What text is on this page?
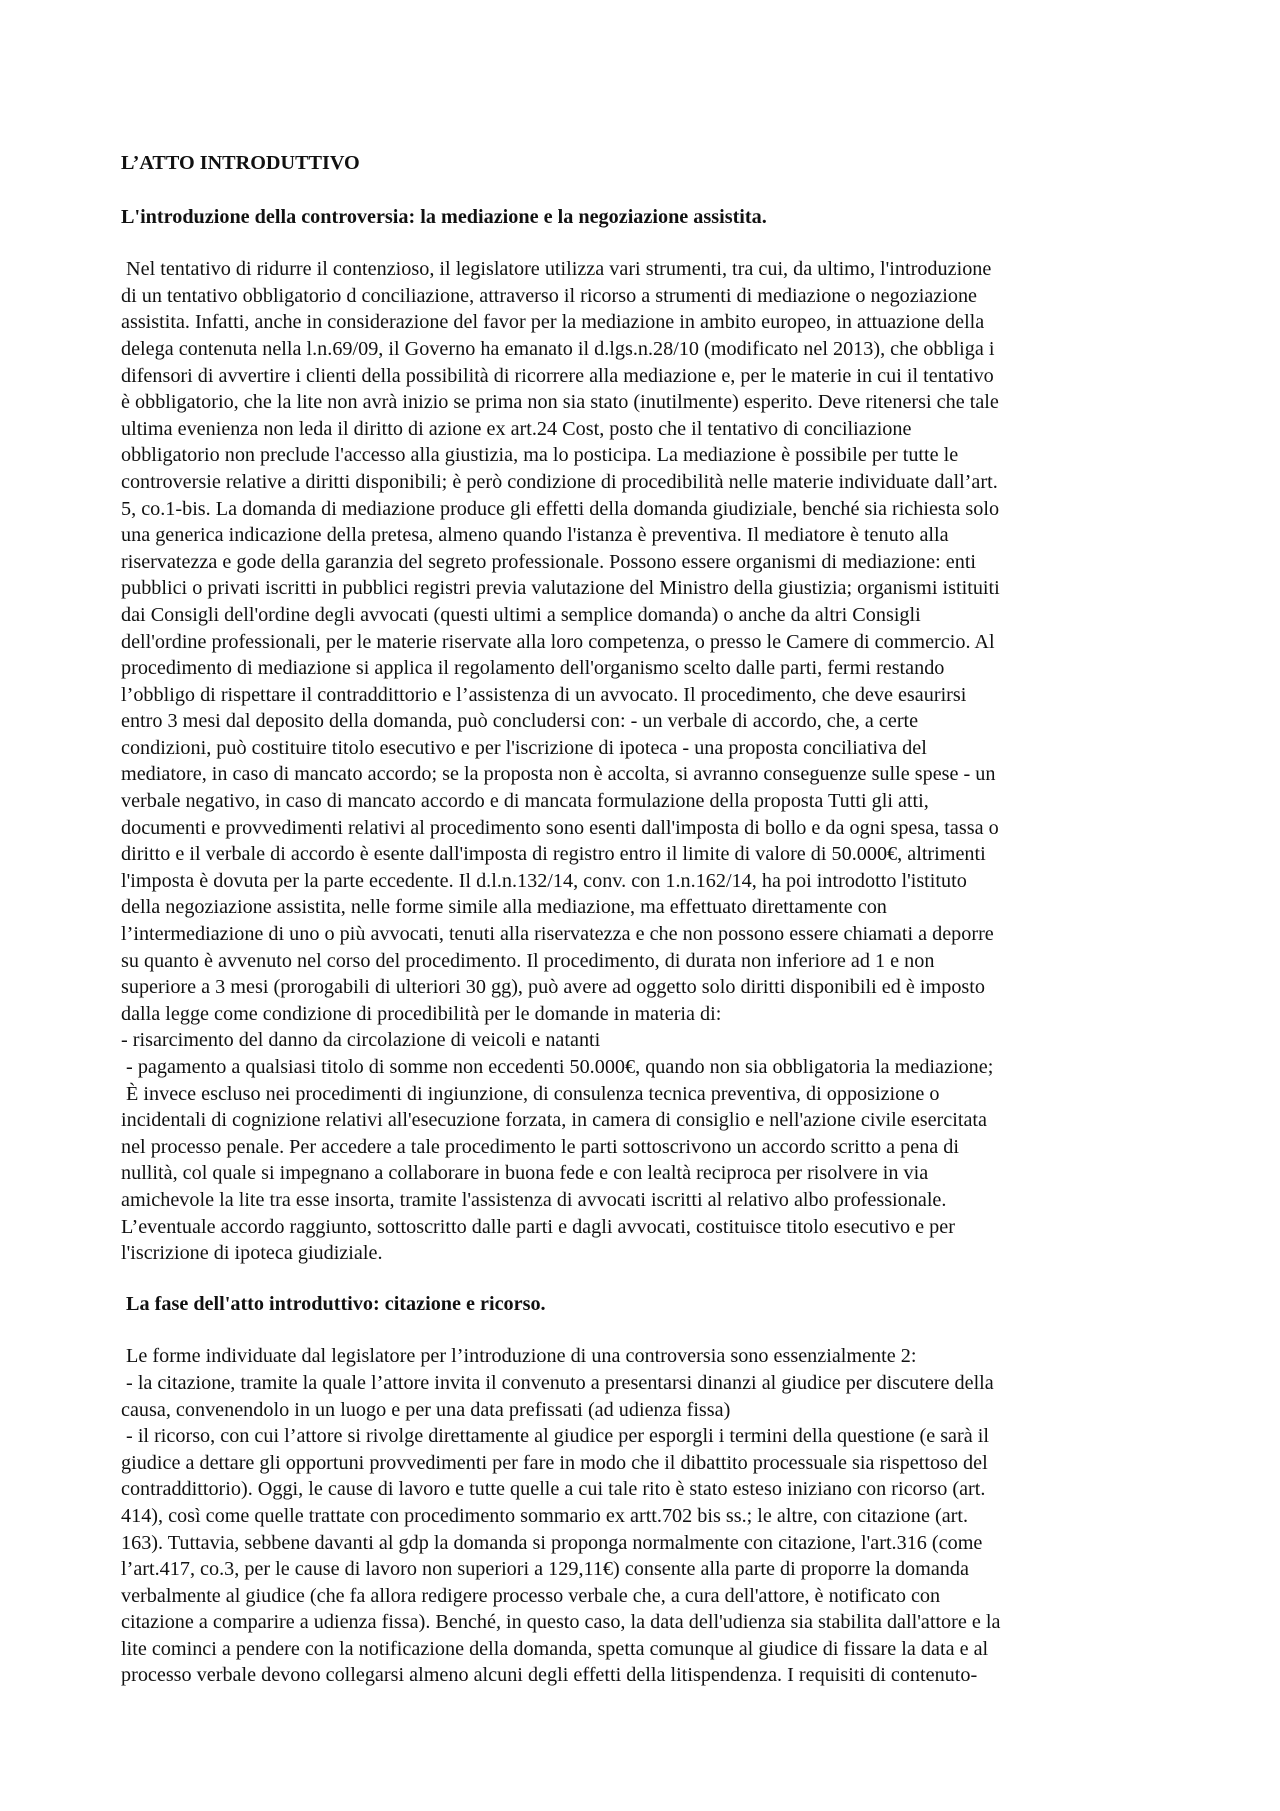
L’ATTO INTRODUTTIVO
L'introduzione della controversia: la mediazione e la negoziazione assistita.
Nel tentativo di ridurre il contenzioso, il legislatore utilizza vari strumenti, tra cui, da ultimo, l'introduzione
di un tentativo obbligatorio d conciliazione, attraverso il ricorso a strumenti di mediazione o negoziazione
assistita. Infatti, anche in considerazione del favor per la mediazione in ambito europeo, in attuazione della
delega contenuta nella l.n.69/09, il Governo ha emanato il d.lgs.n.28/10 (modificato nel 2013), che obbliga i
difensori di avvertire i clienti della possibilità di ricorrere alla mediazione e, per le materie in cui il tentativo
è obbligatorio, che la lite non avrà inizio se prima non sia stato (inutilmente) esperito. Deve ritenersi che tale
ultima evenienza non leda il diritto di azione ex art.24 Cost, posto che il tentativo di conciliazione
obbligatorio non preclude l'accesso alla giustizia, ma lo posticipa. La mediazione è possibile per tutte le
controversie relative a diritti disponibili; è però condizione di procedibilità nelle materie individuate dall’art.
5, co.1-bis. La domanda di mediazione produce gli effetti della domanda giudiziale, benché sia richiesta solo
una generica indicazione della pretesa, almeno quando l'istanza è preventiva. Il mediatore è tenuto alla
riservatezza e gode della garanzia del segreto professionale. Possono essere organismi di mediazione: enti
pubblici o privati iscritti in pubblici registri previa valutazione del Ministro della giustizia; organismi istituiti
dai Consigli dell'ordine degli avvocati (questi ultimi a semplice domanda) o anche da altri Consigli
dell'ordine professionali, per le materie riservate alla loro competenza, o presso le Camere di commercio. Al
procedimento di mediazione si applica il regolamento dell'organismo scelto dalle parti, fermi restando
l’obbligo di rispettare il contraddittorio e l’assistenza di un avvocato. Il procedimento, che deve esaurirsi
entro 3 mesi dal deposito della domanda, può concludersi con: - un verbale di accordo, che, a certe
condizioni, può costituire titolo esecutivo e per l'iscrizione di ipoteca - una proposta conciliativa del
mediatore, in caso di mancato accordo; se la proposta non è accolta, si avranno conseguenze sulle spese - un
verbale negativo, in caso di mancato accordo e di mancata formulazione della proposta Tutti gli atti,
documenti e provvedimenti relativi al procedimento sono esenti dall'imposta di bollo e da ogni spesa, tassa o
diritto e il verbale di accordo è esente dall'imposta di registro entro il limite di valore di 50.000€, altrimenti
l'imposta è dovuta per la parte eccedente. Il d.l.n.132/14, conv. con 1.n.162/14, ha poi introdotto l'istituto
della negoziazione assistita, nelle forme simile alla mediazione, ma effettuato direttamente con
l’intermediazione di uno o più avvocati, tenuti alla riservatezza e che non possono essere chiamati a deporre
su quanto è avvenuto nel corso del procedimento. Il procedimento, di durata non inferiore ad 1 e non
superiore a 3 mesi (prorogabili di ulteriori 30 gg), può avere ad oggetto solo diritti disponibili ed è imposto
dalla legge come condizione di procedibilità per le domande in materia di:
- risarcimento del danno da circolazione di veicoli e natanti
- pagamento a qualsiasi titolo di somme non eccedenti 50.000€, quando non sia obbligatoria la mediazione;
È invece escluso nei procedimenti di ingiunzione, di consulenza tecnica preventiva, di opposizione o
incidentali di cognizione relativi all'esecuzione forzata, in camera di consiglio e nell'azione civile esercitata
nel processo penale. Per accedere a tale procedimento le parti sottoscrivono un accordo scritto a pena di
nullità, col quale si impegnano a collaborare in buona fede e con lealtà reciproca per risolvere in via
amichevole la lite tra esse insorta, tramite l'assistenza di avvocati iscritti al relativo albo professionale.
L’eventuale accordo raggiunto, sottoscritto dalle parti e dagli avvocati, costituisce titolo esecutivo e per
l'iscrizione di ipoteca giudiziale.
La fase dell'atto introduttivo: citazione e ricorso.
Le forme individuate dal legislatore per l’introduzione di una controversia sono essenzialmente 2:
- la citazione, tramite la quale l’attore invita il convenuto a presentarsi dinanzi al giudice per discutere della
causa, convenendolo in un luogo e per una data prefissati (ad udienza fissa)
- il ricorso, con cui l’attore si rivolge direttamente al giudice per esporgli i termini della questione (e sarà il
giudice a dettare gli opportuni provvedimenti per fare in modo che il dibattito processuale sia rispettoso del
contraddittorio). Oggi, le cause di lavoro e tutte quelle a cui tale rito è stato esteso iniziano con ricorso (art.
414), così come quelle trattate con procedimento sommario ex artt.702 bis ss.; le altre, con citazione (art.
163). Tuttavia, sebbene davanti al gdp la domanda si proponga normalmente con citazione, l'art.316 (come
l’art.417, co.3, per le cause di lavoro non superiori a 129,11€) consente alla parte di proporre la domanda
verbalmente al giudice (che fa allora redigere processo verbale che, a cura dell'attore, è notificato con
citazione a comparire a udienza fissa). Benché, in questo caso, la data dell'udienza sia stabilita dall'attore e la
lite cominci a pendere con la notificazione della domanda, spetta comunque al giudice di fissare la data e al
processo verbale devono collegarsi almeno alcuni degli effetti della litispendenza. I requisiti di contenuto-
